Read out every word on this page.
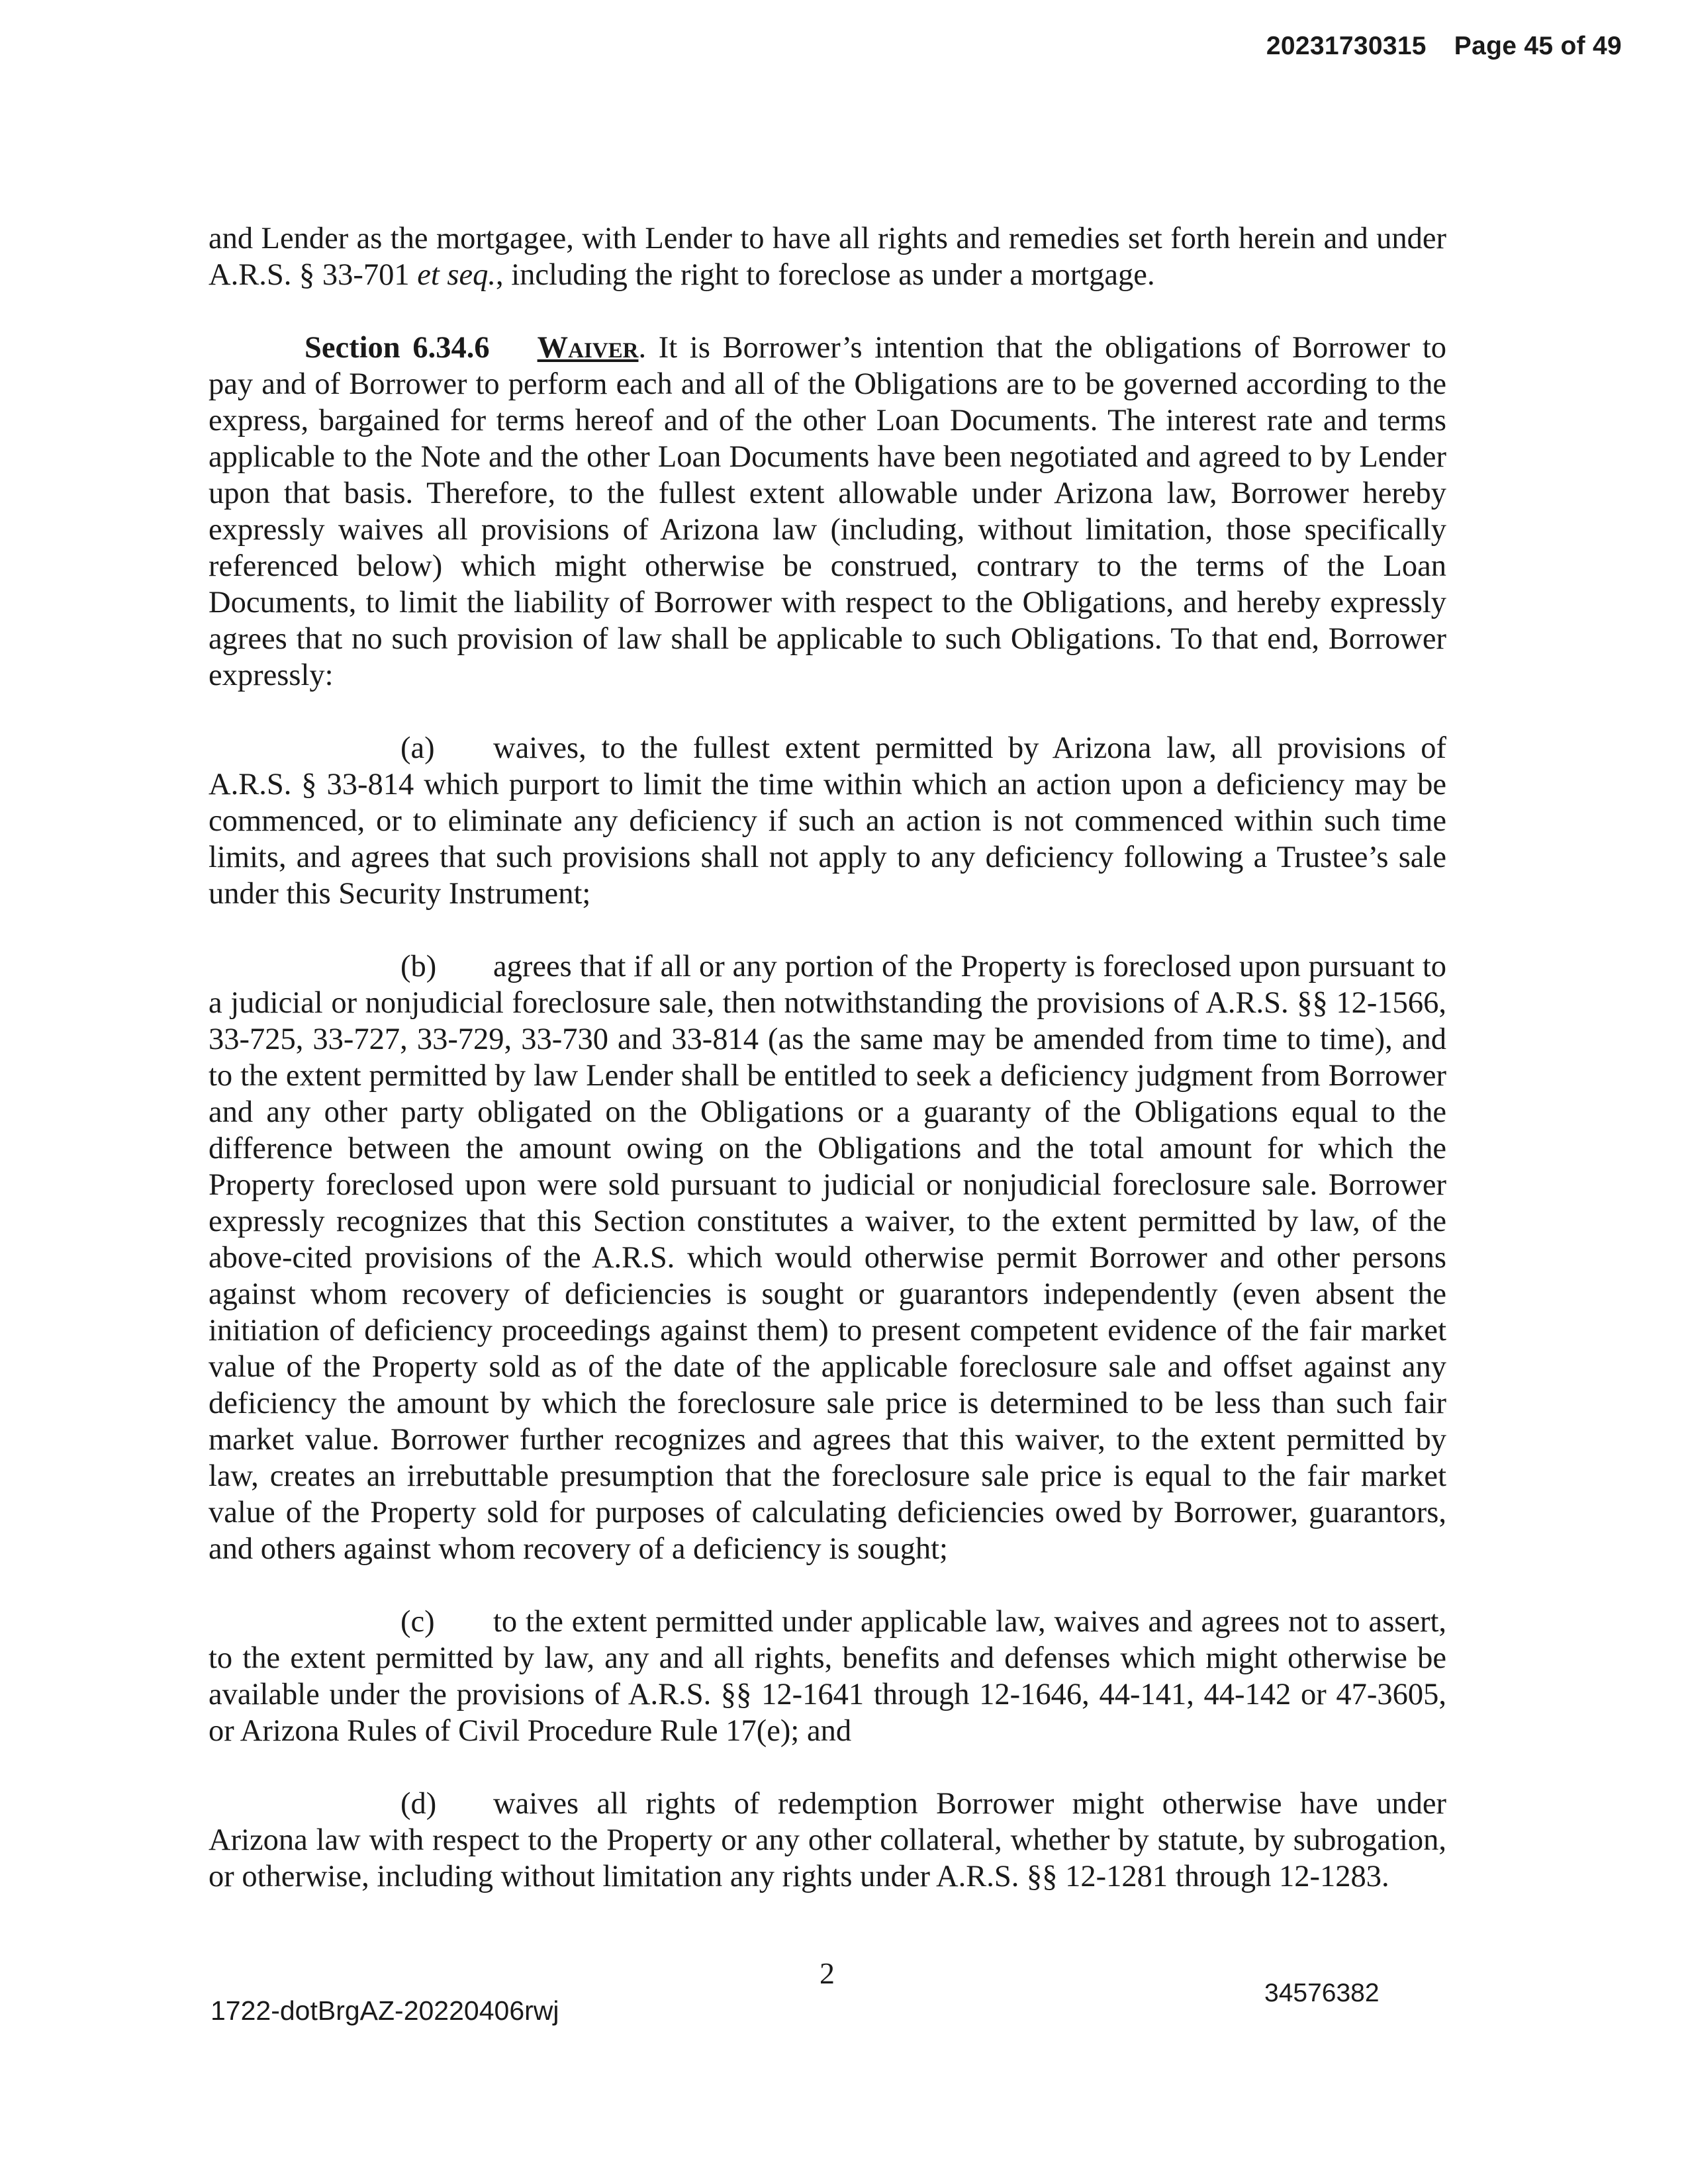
20231730315 Page 45 of 49

and Lender as the mortgagee, with Lender to have all rights and remedies set forth herein and under A.R.S. § 33-701 et seq., including the right to foreclose as under a mortgage.

Section 6.34.6 Waiver. It is Borrower’s intention that the obligations of Borrower to pay and of Borrower to perform each and all of the Obligations are to be governed according to the express, bargained for terms hereof and of the other Loan Documents. The interest rate and terms applicable to the Note and the other Loan Documents have been negotiated and agreed to by Lender upon that basis. Therefore, to the fullest extent allowable under Arizona law, Borrower hereby expressly waives all provisions of Arizona law (including, without limitation, those specifically referenced below) which might otherwise be construed, contrary to the terms of the Loan Documents, to limit the liability of Borrower with respect to the Obligations, and hereby expressly agrees that no such provision of law shall be applicable to such Obligations. To that end, Borrower expressly:

(a) waives, to the fullest extent permitted by Arizona law, all provisions of A.R.S. § 33-814 which purport to limit the time within which an action upon a deficiency may be commenced, or to eliminate any deficiency if such an action is not commenced within such time limits, and agrees that such provisions shall not apply to any deficiency following a Trustee’s sale under this Security Instrument;

(b) agrees that if all or any portion of the Property is foreclosed upon pursuant to a judicial or nonjudicial foreclosure sale, then notwithstanding the provisions of A.R.S. §§ 12-1566, 33-725, 33-727, 33-729, 33-730 and 33-814 (as the same may be amended from time to time), and to the extent permitted by law Lender shall be entitled to seek a deficiency judgment from Borrower and any other party obligated on the Obligations or a guaranty of the Obligations equal to the difference between the amount owing on the Obligations and the total amount for which the Property foreclosed upon were sold pursuant to judicial or nonjudicial foreclosure sale. Borrower expressly recognizes that this Section constitutes a waiver, to the extent permitted by law, of the above-cited provisions of the A.R.S. which would otherwise permit Borrower and other persons against whom recovery of deficiencies is sought or guarantors independently (even absent the initiation of deficiency proceedings against them) to present competent evidence of the fair market value of the Property sold as of the date of the applicable foreclosure sale and offset against any deficiency the amount by which the foreclosure sale price is determined to be less than such fair market value. Borrower further recognizes and agrees that this waiver, to the extent permitted by law, creates an irrebuttable presumption that the foreclosure sale price is equal to the fair market value of the Property sold for purposes of calculating deficiencies owed by Borrower, guarantors, and others against whom recovery of a deficiency is sought;

(c) to the extent permitted under applicable law, waives and agrees not to assert, to the extent permitted by law, any and all rights, benefits and defenses which might otherwise be available under the provisions of A.R.S. §§ 12-1641 through 12-1646, 44-141, 44-142 or 47-3605, or Arizona Rules of Civil Procedure Rule 17(e); and

(d) waives all rights of redemption Borrower might otherwise have under Arizona law with respect to the Property or any other collateral, whether by statute, by subrogation, or otherwise, including without limitation any rights under A.R.S. §§ 12-1281 through 12-1283.

1722-dotBrgAZ-20220406rwj
2
34576382
